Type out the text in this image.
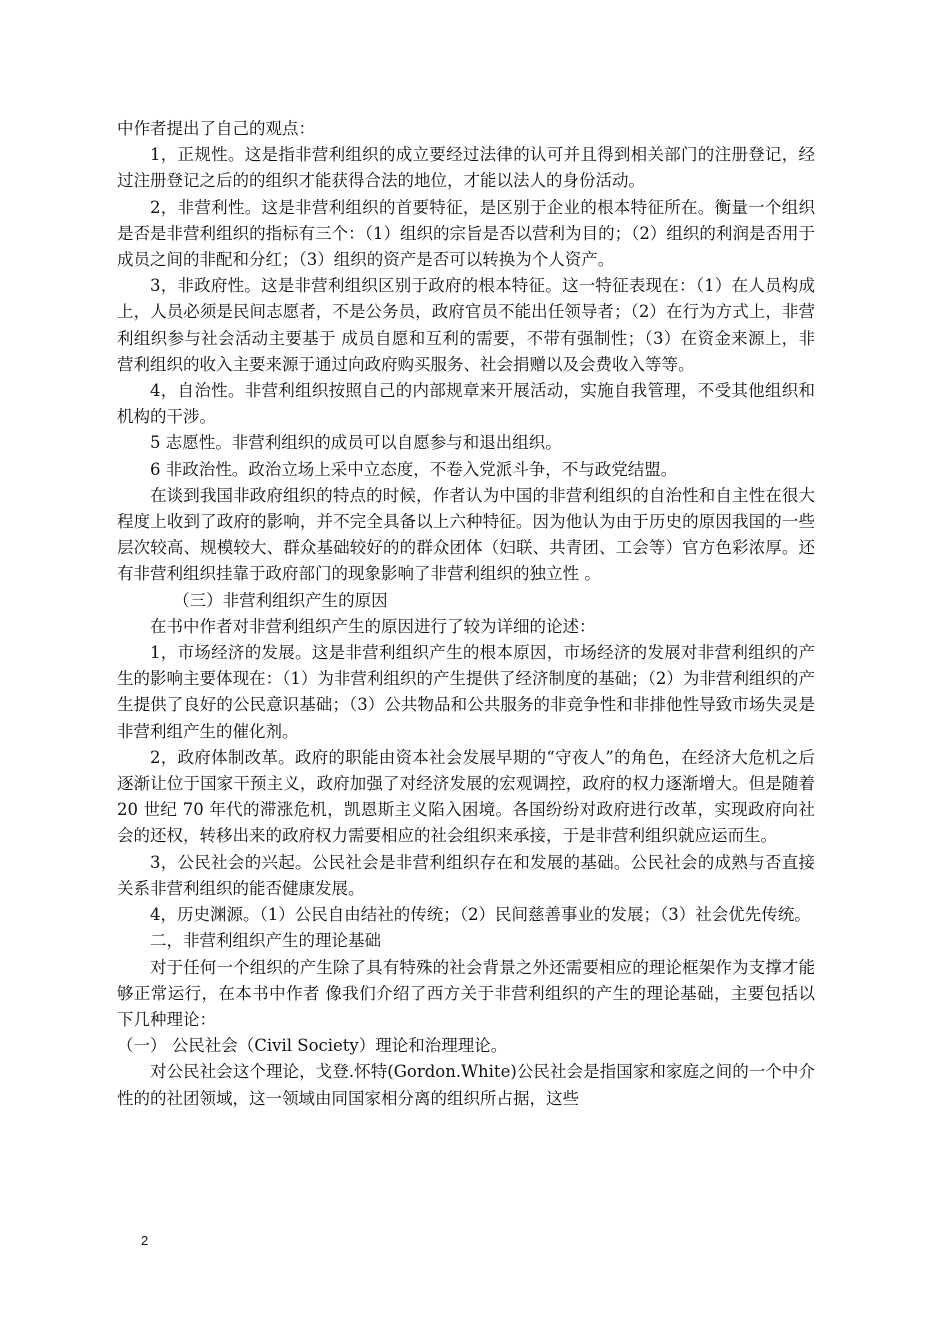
中作者提出了自己的观点：

1，正规性。这是指非营利组织的成立要经过法律的认可并且得到相关部门的注册登记，经过注册登记之后的的组织才能获得合法的地位，才能以法人的身份活动。

2，非营利性。这是非营利组织的首要特征，是区别于企业的根本特征所在。衡量一个组织是否是非营利组织的指标有三个：（1）组织的宗旨是否以营利为目的；（2）组织的利润是否用于成员之间的非配和分红；（3）组织的资产是否可以转换为个人资产。

3，非政府性。这是非营利组织区别于政府的根本特征。这一特征表现在：（1）在人员构成上，人员必须是民间志愿者，不是公务员，政府官员不能出任领导者；（2）在行为方式上，非营利组织参与社会活动主要基于 成员自愿和互利的需要，不带有强制性；（3）在资金来源上，非营利组织的收入主要来源于通过向政府购买服务、社会捐赠以及会费收入等等。

4，自治性。非营利组织按照自己的内部规章来开展活动，实施自我管理，不受其他组织和机构的干涉。

5 志愿性。非营利组织的成员可以自愿参与和退出组织。

6 非政治性。政治立场上采中立态度，不卷入党派斗争，不与政党结盟。

在谈到我国非政府组织的特点的时候，作者认为中国的非营利组织的自治性和自主性在很大程度上收到了政府的影响，并不完全具备以上六种特征。因为他认为由于历史的原因我国的一些层次较高、规模较大、群众基础较好的的群众团体（妇联、共青团、工会等）官方色彩浓厚。还有非营利组织挂靠于政府部门的现象影响了非营利组织的独立性 。

（三）非营利组织产生的原因

在书中作者对非营利组织产生的原因进行了较为详细的论述：

1，市场经济的发展。这是非营利组织产生的根本原因，市场经济的发展对非营利组织的产生的影响主要体现在：（1）为非营利组织的产生提供了经济制度的基础；（2）为非营利组织的产生提供了良好的公民意识基础；（3）公共物品和公共服务的非竞争性和非排他性导致市场失灵是非营利组产生的催化剂。

2，政府体制改革。政府的职能由资本社会发展早期的“守夜人”的角色，在经济大危机之后逐渐让位于国家干预主义，政府加强了对经济发展的宏观调控，政府的权力逐渐增大。但是随着 20 世纪 70 年代的滞涨危机，凯恩斯主义陷入困境。各国纷纷对政府进行改革，实现政府向社会的还权，转移出来的政府权力需要相应的社会组织来承接，于是非营利组织就应运而生。

3，公民社会的兴起。公民社会是非营利组织存在和发展的基础。公民社会的成熟与否直接关系非营利组织的能否健康发展。

4，历史渊源。（1）公民自由结社的传统；（2）民间慈善事业的发展；（3）社会优先传统。

二，非营利组织产生的理论基础

对于任何一个组织的产生除了具有特殊的社会背景之外还需要相应的理论框架作为支撑才能够正常运行，在本书中作者 像我们介绍了西方关于非营利组织的产生的理论基础，主要包括以下几种理论：

（一） 公民社会（Civil Society）理论和治理理论。

对公民社会这个理论，戈登.怀特(Gordon.White)公民社会是指国家和家庭之间的一个中介性的的社团领域，这一领域由同国家相分离的组织所占据，这些

2
